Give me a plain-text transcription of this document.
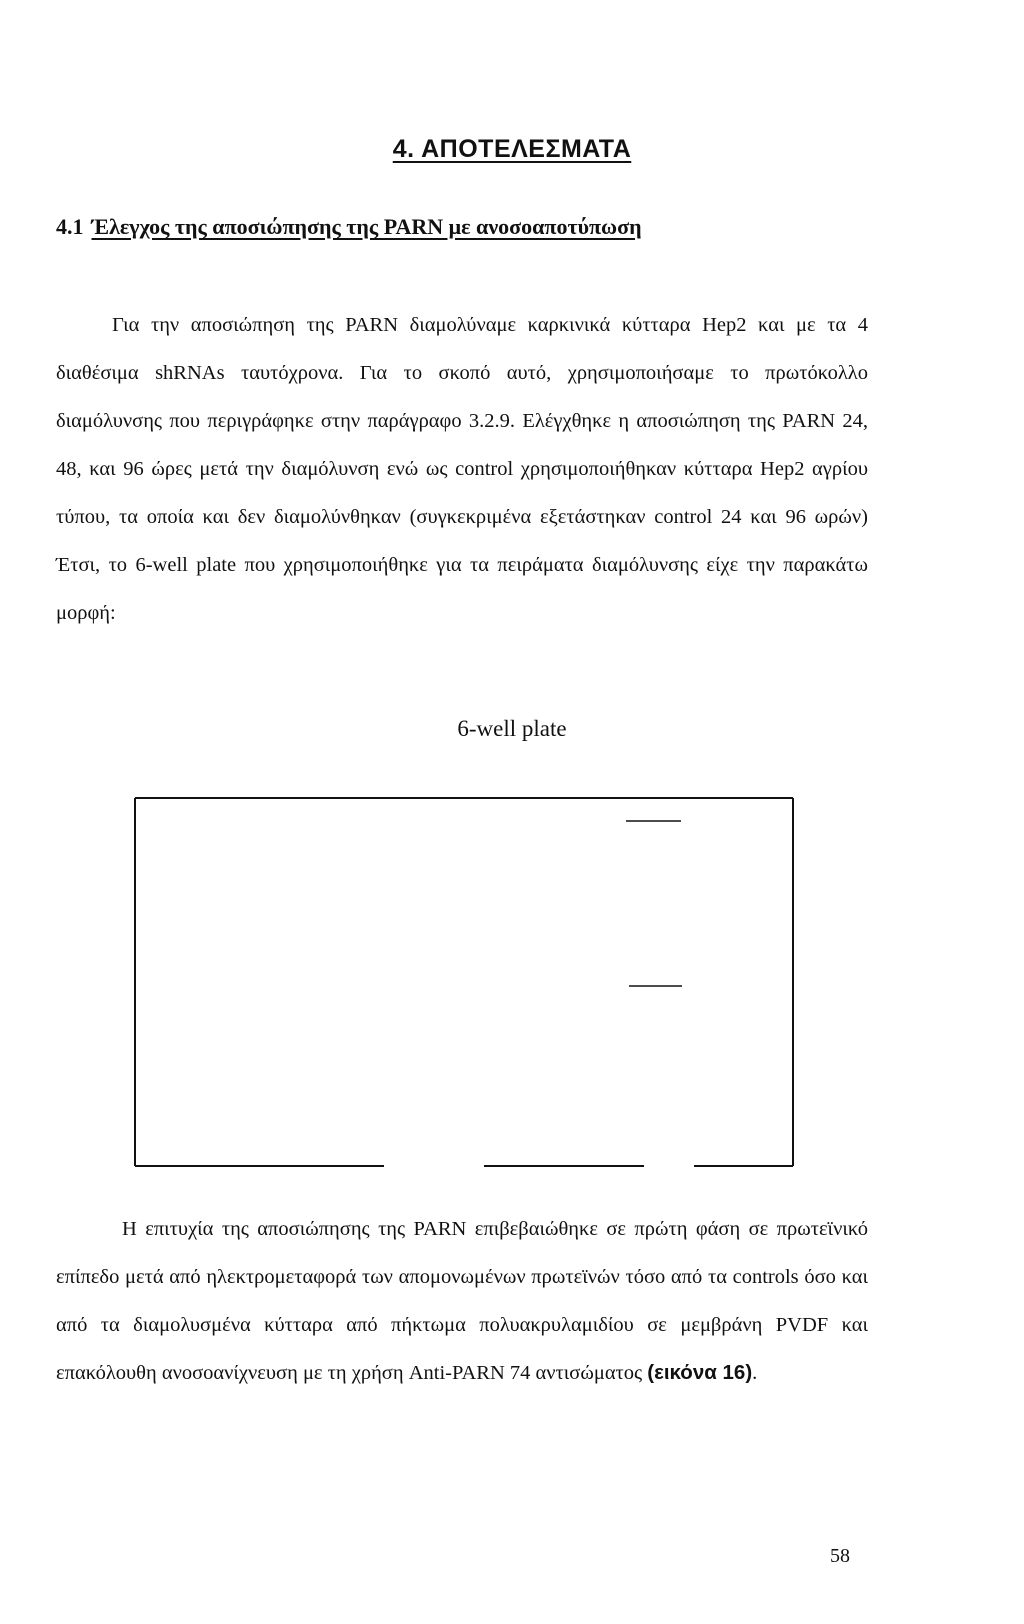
4. ΑΠΟΤΕΛΕΣΜΑΤΑ
4.1 Έλεγχος της αποσιώπησης της PARN με ανοσοαποτύπωση

Για την αποσιώπηση της PARN διαμολύναμε καρκινικά κύτταρα Hep2 και με τα 4 διαθέσιμα shRNAs ταυτόχρονα. Για το σκοπό αυτό, χρησιμοποιήσαμε το πρωτόκολλο διαμόλυνσης που περιγράφηκε στην παράγραφο 3.2.9. Ελέγχθηκε η αποσιώπηση της PARN 24, 48, και 96 ώρες μετά την διαμόλυνση ενώ ως control χρησιμοποιήθηκαν κύτταρα Hep2 αγρίου τύπου, τα οποία και δεν διαμολύνθηκαν (συγκεκριμένα εξετάστηκαν control 24 και 96 ωρών) Έτσι, το 6-well plate που χρησιμοποιήθηκε για τα πειράματα διαμόλυνσης είχε την παρακάτω μορφή:

6-well plate

Η επιτυχία της αποσιώπησης της PARN επιβεβαιώθηκε σε πρώτη φάση σε πρωτεϊνικό επίπεδο μετά από ηλεκτρομεταφορά των απομονωμένων πρωτεϊνών τόσο από τα controls όσο και από τα διαμολυσμένα κύτταρα από πήκτωμα πολυακρυλαμιδίου σε μεμβράνη PVDF και επακόλουθη ανοσοανίχνευση με τη χρήση Anti-PARN 74 αντισώματος (εικόνα 16).

58
